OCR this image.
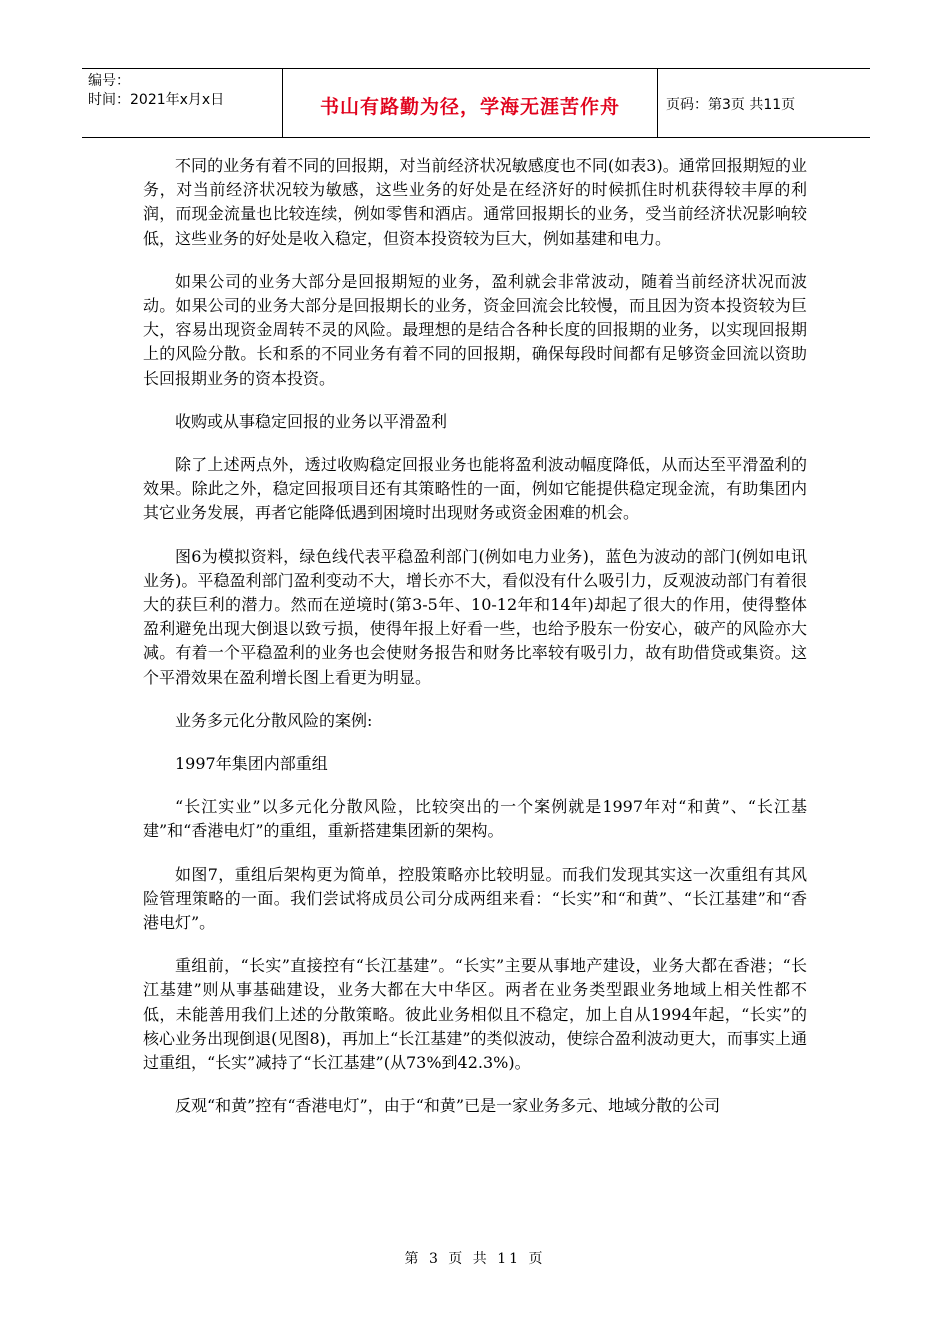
编号：
时间：2021年x月x日	书山有路勤为径，学海无涯苦作舟	页码：第3页 共11页

不同的业务有着不同的回报期，对当前经济状况敏感度也不同(如表3)。通常回报期短的业务，对当前经济状况较为敏感，这些业务的好处是在经济好的时候抓住时机获得较丰厚的利润，而现金流量也比较连续，例如零售和酒店。通常回报期长的业务，受当前经济状况影响较低，这些业务的好处是收入稳定，但资本投资较为巨大，例如基建和电力。

如果公司的业务大部分是回报期短的业务，盈利就会非常波动，随着当前经济状况而波动。如果公司的业务大部分是回报期长的业务，资金回流会比较慢，而且因为资本投资较为巨大，容易出现资金周转不灵的风险。最理想的是结合各种长度的回报期的业务，以实现回报期上的风险分散。长和系的不同业务有着不同的回报期，确保每段时间都有足够资金回流以资助长回报期业务的资本投资。

收购或从事稳定回报的业务以平滑盈利

除了上述两点外，透过收购稳定回报业务也能将盈利波动幅度降低，从而达至平滑盈利的效果。除此之外，稳定回报项目还有其策略性的一面，例如它能提供稳定现金流，有助集团内其它业务发展，再者它能降低遇到困境时出现财务或资金困难的机会。

图6为模拟资料，绿色线代表平稳盈利部门(例如电力业务)，蓝色为波动的部门(例如电讯业务)。平稳盈利部门盈利变动不大，增长亦不大，看似没有什么吸引力，反观波动部门有着很大的获巨利的潜力。然而在逆境时(第3-5年、10-12年和14年)却起了很大的作用，使得整体盈利避免出现大倒退以致亏损，使得年报上好看一些，也给予股东一份安心，破产的风险亦大减。有着一个平稳盈利的业务也会使财务报告和财务比率较有吸引力，故有助借贷或集资。这个平滑效果在盈利增长图上看更为明显。

业务多元化分散风险的案例:

1997年集团内部重组

“长江实业”以多元化分散风险，比较突出的一个案例就是1997年对“和黄”、“长江基建”和“香港电灯”的重组，重新搭建集团新的架构。

如图7，重组后架构更为简单，控股策略亦比较明显。而我们发现其实这一次重组有其风险管理策略的一面。我们尝试将成员公司分成两组来看：“长实”和“和黄”、“长江基建”和“香港电灯”。

重组前，“长实”直接控有“长江基建”。“长实”主要从事地产建设，业务大都在香港；“长江基建”则从事基础建设，业务大都在大中华区。两者在业务类型跟业务地域上相关性都不低，未能善用我们上述的分散策略。彼此业务相似且不稳定，加上自从1994年起，“长实”的核心业务出现倒退(见图8)，再加上“长江基建”的类似波动，使综合盈利波动更大，而事实上通过重组，“长实”减持了“长江基建”(从73%到42.3%)。

反观“和黄”控有“香港电灯”，由于“和黄”已是一家业务多元、地域分散的公司

第 3 页 共 11 页
